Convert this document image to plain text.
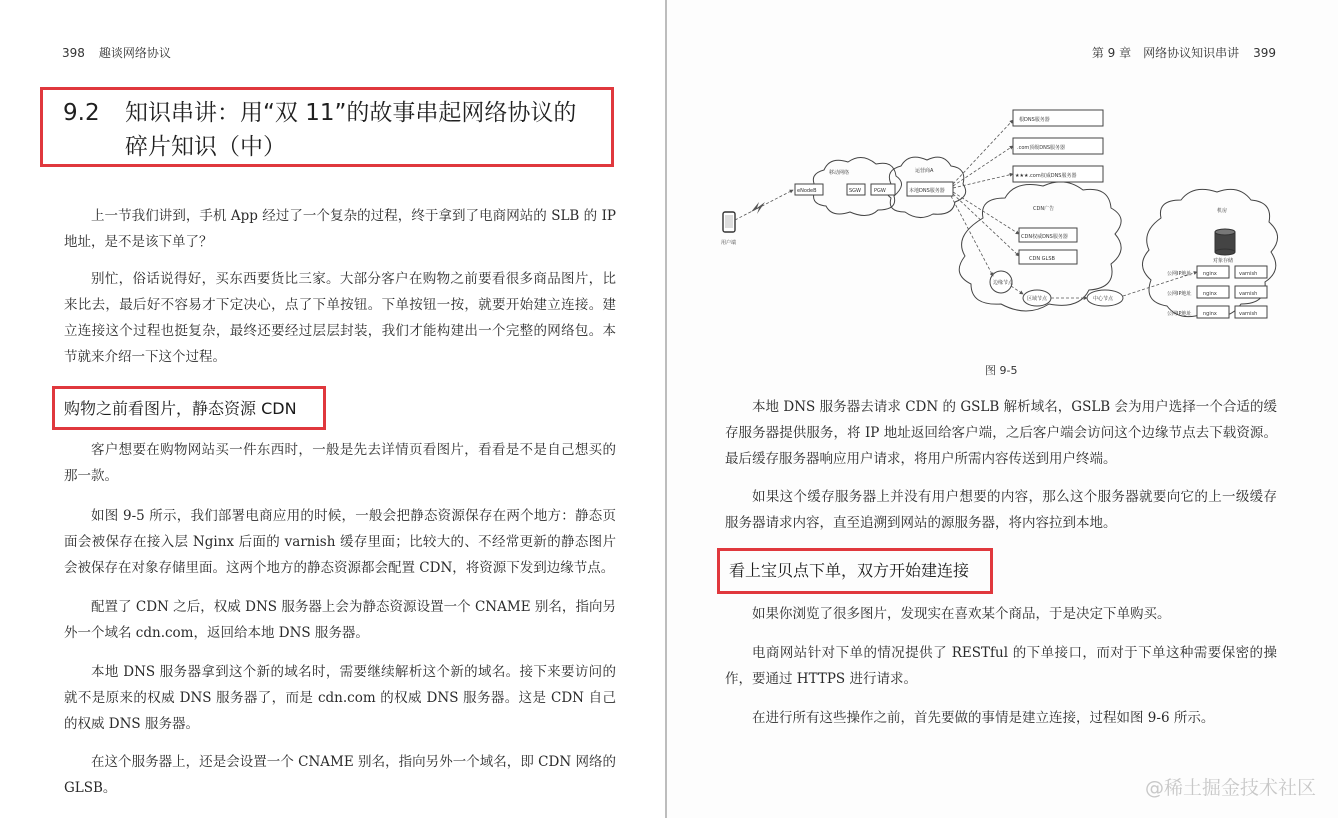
398 趣谈网络协议
9.2 知识串讲：用“双 11”的故事串起网络协议的
碎片知识（中）

上一节我们讲到，手机 App 经过了一个复杂的过程，终于拿到了电商网站的 SLB 的 IP 地址，是不是该下单了？

别忙，俗话说得好，买东西要货比三家。大部分客户在购物之前要看很多商品图片，比来比去，最后好不容易才下定决心，点了下单按钮。下单按钮一按，就要开始建立连接。建立连接这个过程也挺复杂，最终还要经过层层封装，我们才能构建出一个完整的网络包。本节就来介绍一下这个过程。

购物之前看图片，静态资源 CDN

客户想要在购物网站买一件东西时，一般是先去详情页看图片，看看是不是自己想买的那一款。

如图 9-5 所示，我们部署电商应用的时候，一般会把静态资源保存在两个地方：静态页面会被保存在接入层 Nginx 后面的 varnish 缓存里面；比较大的、不经常更新的静态图片会被保存在对象存储里面。这两个地方的静态资源都会配置 CDN，将资源下发到边缘节点。

配置了 CDN 之后，权威 DNS 服务器上会为静态资源设置一个 CNAME 别名，指向另外一个域名 cdn.com，返回给本地 DNS 服务器。

本地 DNS 服务器拿到这个新的域名时，需要继续解析这个新的域名。接下来要访问的就不是原来的权威 DNS 服务器了，而是 cdn.com 的权威 DNS 服务器。这是 CDN 自己的权威 DNS 服务器。

在这个服务器上，还是会设置一个 CNAME 别名，指向另外一个域名，即 CDN 网络的 GLSB。

第 9 章　网络协议知识串讲 399
根DNS服务器
.com顶级DNS服务器
★★★.com权威DNS服务器
移动网络	运营商A
本地DNS服务器
SGW	PGW
eNodeB
用户端
CDN广告
CDN权威DNS服务器
CDN GLSB
边缘节点
区域节点	中心节点
机房
对象存储
公网IP地址
公网IP地址
公网IP地址
nginx	varnish
nginx	varnish
nginx	varnish
图 9-5

本地 DNS 服务器去请求 CDN 的 GSLB 解析域名，GSLB 会为用户选择一个合适的缓存服务器提供服务，将 IP 地址返回给客户端，之后客户端会访问这个边缘节点去下载资源。最后缓存服务器响应用户请求，将用户所需内容传送到用户终端。

如果这个缓存服务器上并没有用户想要的内容，那么这个服务器就要向它的上一级缓存服务器请求内容，直至追溯到网站的源服务器，将内容拉到本地。

看上宝贝点下单，双方开始建连接

如果你浏览了很多图片，发现实在喜欢某个商品，于是决定下单购买。

电商网站针对下单的情况提供了 RESTful 的下单接口，而对于下单这种需要保密的操作，要通过 HTTPS 进行请求。

在进行所有这些操作之前，首先要做的事情是建立连接，过程如图 9-6 所示。

@稀土掘金技术社区
